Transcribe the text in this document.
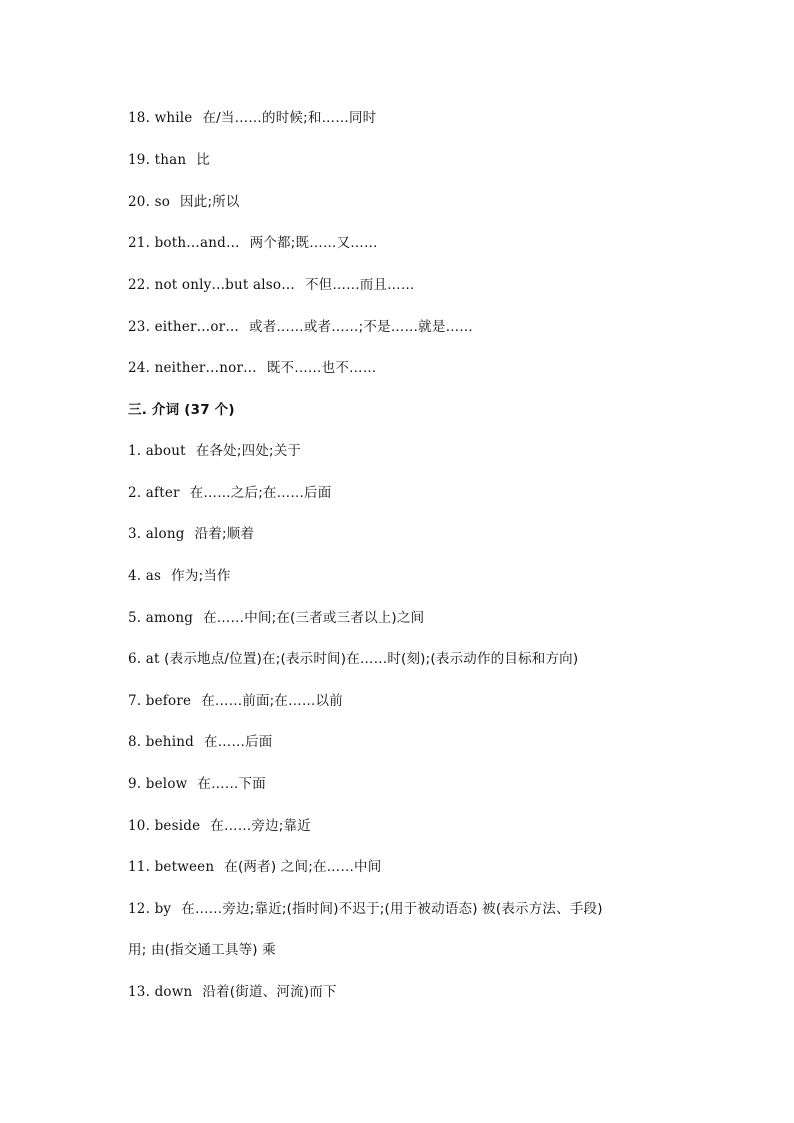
18. while 在/当……的时候;和……同时
19. than 比
20. so 因此;所以
21. both…and… 两个都;既……又……
22. not only…but also… 不但……而且……
23. either…or… 或者……或者……;不是……就是……
24. neither…nor… 既不……也不……
三. 介词 (37 个)
1. about 在各处;四处;关于
2. after 在……之后;在……后面
3. along 沿着;顺着
4. as 作为;当作
5. among 在……中间;在(三者或三者以上)之间
6. at (表示地点/位置)在;(表示时间)在……时(刻);(表示动作的目标和方向)
7. before 在……前面;在……以前
8. behind 在……后面
9. below 在……下面
10. beside 在……旁边;靠近
11. between 在(两者) 之间;在……中间
12. by 在……旁边;靠近;(指时间)不迟于;(用于被动语态) 被(表示方法、手段)
用; 由(指交通工具等) 乘
13. down 沿着(街道、河流)而下
